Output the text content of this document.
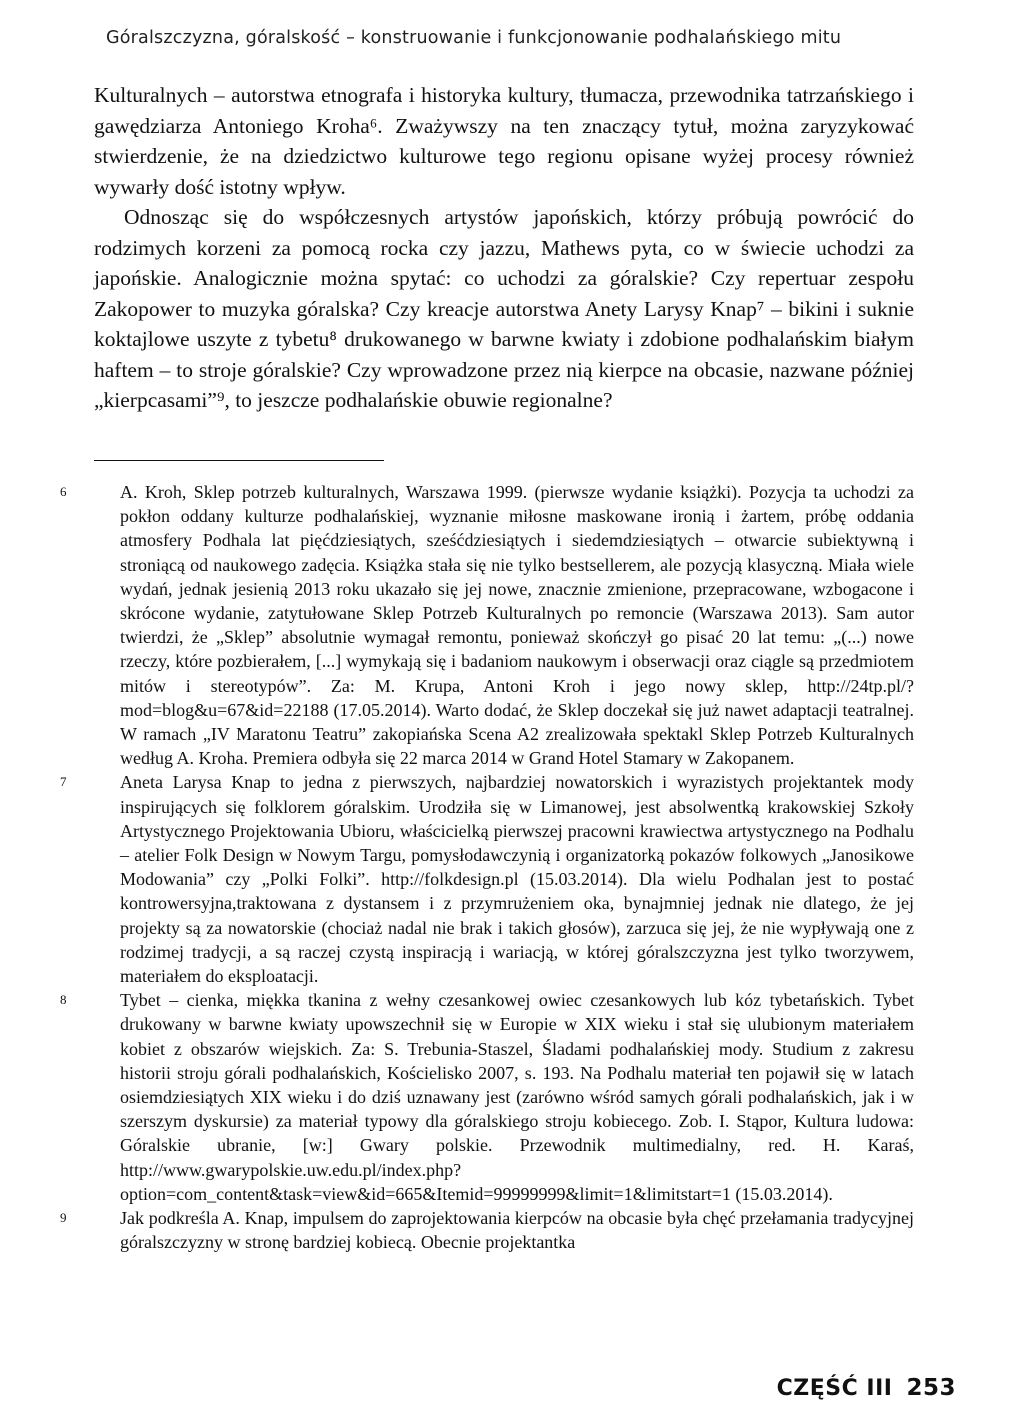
Góralszczyzna, góralskość – konstruowanie i funkcjonowanie podhalańskiego mitu

Kulturalnych – autorstwa etnografa i historyka kultury, tłumacza, przewodnika tatrzańskiego i gawędziarza Antoniego Kroha⁶. Zważywszy na ten znaczący tytuł, można zaryzykować stwierdzenie, że na dziedzictwo kulturowe tego regionu opisane wyżej procesy również wywarły dość istotny wpływ.

Odnosząc się do współczesnych artystów japońskich, którzy próbują powrócić do rodzimych korzeni za pomocą rocka czy jazzu, Mathews pyta, co w świecie uchodzi za japońskie. Analogicznie można spytać: co uchodzi za góralskie? Czy repertuar zespołu Zakopower to muzyka góralska? Czy kreacje autorstwa Anety Larysy Knap⁷ – bikini i suknie koktajlowe uszyte z tybetu⁸ drukowanego w barwne kwiaty i zdobione podhalańskim białym haftem – to stroje góralskie? Czy wprowadzone przez nią kierpce na obcasie, nazwane później „kierpcasami”⁹, to jeszcze podhalańskie obuwie regionalne?

6	A. Kroh, Sklep potrzeb kulturalnych, Warszawa 1999. (pierwsze wydanie książki). Pozycja ta uchodzi za pokłon oddany kulturze podhalańskiej, wyznanie miłosne maskowane ironią i żartem, próbę oddania atmosfery Podhala lat pięćdziesiątych, sześćdziesiątych i siedemdziesiątych – otwarcie subiektywną i stroniącą od naukowego zadęcia. Książka stała się nie tylko bestsellerem, ale pozycją klasyczną. Miała wiele wydań, jednak jesienią 2013 roku ukazało się jej nowe, znacznie zmienione, przepracowane, wzbogacone i skrócone wydanie, zatytułowane Sklep Potrzeb Kulturalnych po remoncie (Warszawa 2013). Sam autor twierdzi, że „Sklep” absolutnie wymagał remontu, ponieważ skończył go pisać 20 lat temu: „(...) nowe rzeczy, które pozbierałem, [...] wymykają się i badaniom naukowym i obserwacji oraz ciągle są przedmiotem mitów i stereotypów”. Za: M. Krupa, Antoni Kroh i jego nowy sklep, http://24tp.pl/?mod=blog&u=67&id=22188 (17.05.2014). Warto dodać, że Sklep doczekał się już nawet adaptacji teatralnej. W ramach „IV Maratonu Teatru” zakopiańska Scena A2 zrealizowała spektakl Sklep Potrzeb Kulturalnych według A. Kroha. Premiera odbyła się 22 marca 2014 w Grand Hotel Stamary w Zakopanem.
7	Aneta Larysa Knap to jedna z pierwszych, najbardziej nowatorskich i wyrazistych projektantek mody inspirujących się folklorem góralskim. Urodziła się w Limanowej, jest absolwentką krakowskiej Szkoły Artystycznego Projektowania Ubioru, właścicielką pierwszej pracowni krawiectwa artystycznego na Podhalu – atelier Folk Design w Nowym Targu, pomysłodawczynią i organizatorką pokazów folkowych „Janosikowe Modowania” czy „Polki Folki”. http://folkdesign.pl (15.03.2014). Dla wielu Podhalan jest to postać kontrowersyjna,traktowana z dystansem i z przymrużeniem oka, bynajmniej jednak nie dlatego, że jej projekty są za nowatorskie (chociaż nadal nie brak i takich głosów), zarzuca się jej, że nie wypływają one z rodzimej tradycji, a są raczej czystą inspiracją i wariacją, w której góralszczyzna jest tylko tworzywem, materiałem do eksploatacji.
8	Tybet – cienka, miękka tkanina z wełny czesankowej owiec czesankowych lub kóz tybetańskich. Tybet drukowany w barwne kwiaty upowszechnił się w Europie w XIX wieku i stał się ulubionym materiałem kobiet z obszarów wiejskich. Za: S. Trebunia-Staszel, Śladami podhalańskiej mody. Studium z zakresu historii stroju górali podhalańskich, Kościelisko 2007, s. 193. Na Podhalu materiał ten pojawił się w latach osiemdziesiątych XIX wieku i do dziś uznawany jest (zarówno wśród samych górali podhalańskich, jak i w szerszym dyskursie) za materiał typowy dla góralskiego stroju kobiecego. Zob. I. Stąpor, Kultura ludowa: Góralskie ubranie, [w:] Gwary polskie. Przewodnik multimedialny, red. H. Karaś, http://www.gwarypolskie.uw.edu.pl/index.php?option=com_content&task=view&id=665&Itemid=99999999&limit=1&limitstart=1 (15.03.2014).
9	Jak podkreśla A. Knap, impulsem do zaprojektowania kierpców na obcasie była chęć przełamania tradycyjnej góralszczyzny w stronę bardziej kobiecą. Obecnie projektantka
CZĘŚĆ III 253
